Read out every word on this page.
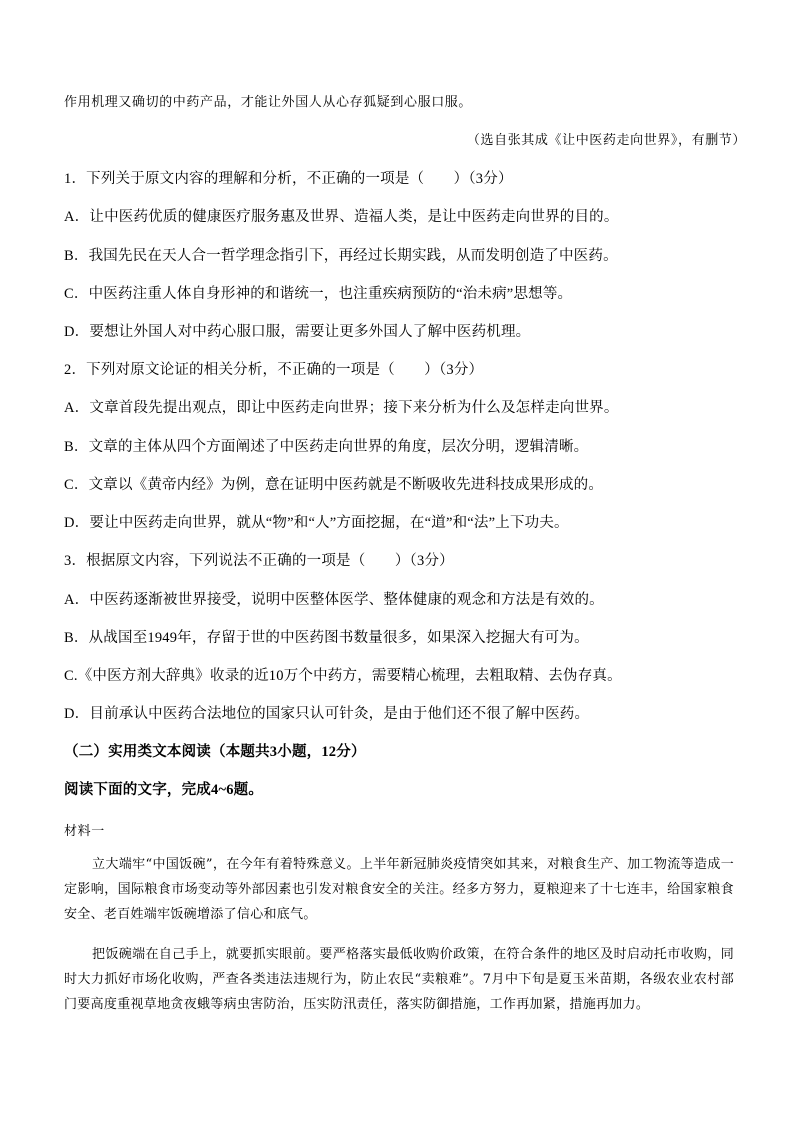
作用机理又确切的中药产品，才能让外国人从心存狐疑到心服口服。
（选自张其成《让中医药走向世界》，有删节）
1．下列关于原文内容的理解和分析，不正确的一项是（　　）（3分）
A．让中医药优质的健康医疗服务惠及世界、造福人类，是让中医药走向世界的目的。
B．我国先民在天人合一哲学理念指引下，再经过长期实践，从而发明创造了中医药。
C．中医药注重人体自身形神的和谐统一，也注重疾病预防的“治未病”思想等。
D．要想让外国人对中药心服口服，需要让更多外国人了解中医药机理。
2．下列对原文论证的相关分析，不正确的一项是（　　）（3分）
A．文章首段先提出观点，即让中医药走向世界；接下来分析为什么及怎样走向世界。
B．文章的主体从四个方面阐述了中医药走向世界的角度，层次分明，逻辑清晰。
C．文章以《黄帝内经》为例，意在证明中医药就是不断吸收先进科技成果形成的。
D．要让中医药走向世界，就从“物”和“人”方面挖掘，在“道”和“法”上下功夫。
3．根据原文内容，下列说法不正确的一项是（　　）（3分）
A．中医药逐渐被世界接受，说明中医整体医学、整体健康的观念和方法是有效的。
B．从战国至1949年，存留于世的中医药图书数量很多，如果深入挖掘大有可为。
C.《中医方剂大辞典》收录的近10万个中药方，需要精心梳理，去粗取精、去伪存真。
D．目前承认中医药合法地位的国家只认可针灸，是由于他们还不很了解中医药。
（二）实用类文本阅读（本题共3小题，12分）
阅读下面的文字，完成4~6题。
材料一
立大端牢“中国饭碗”，在今年有着特殊意义。上半年新冠肺炎疫情突如其来，对粮食生产、加工物流等造成一定影响，国际粮食市场变动等外部因素也引发对粮食安全的关注。经多方努力，夏粮迎来了十七连丰，给国家粮食安全、老百姓端牢饭碗增添了信心和底气。
把饭碗端在自己手上，就要抓实眼前。要严格落实最低收购价政策，在符合条件的地区及时启动托市收购，同时大力抓好市场化收购，严查各类违法违规行为，防止农民“卖粮难”。7月中下旬是夏玉米苗期，各级农业农村部门要高度重视草地贪夜蛾等病虫害防治，压实防汛责任，落实防御措施，工作再加紧，措施再加力。
